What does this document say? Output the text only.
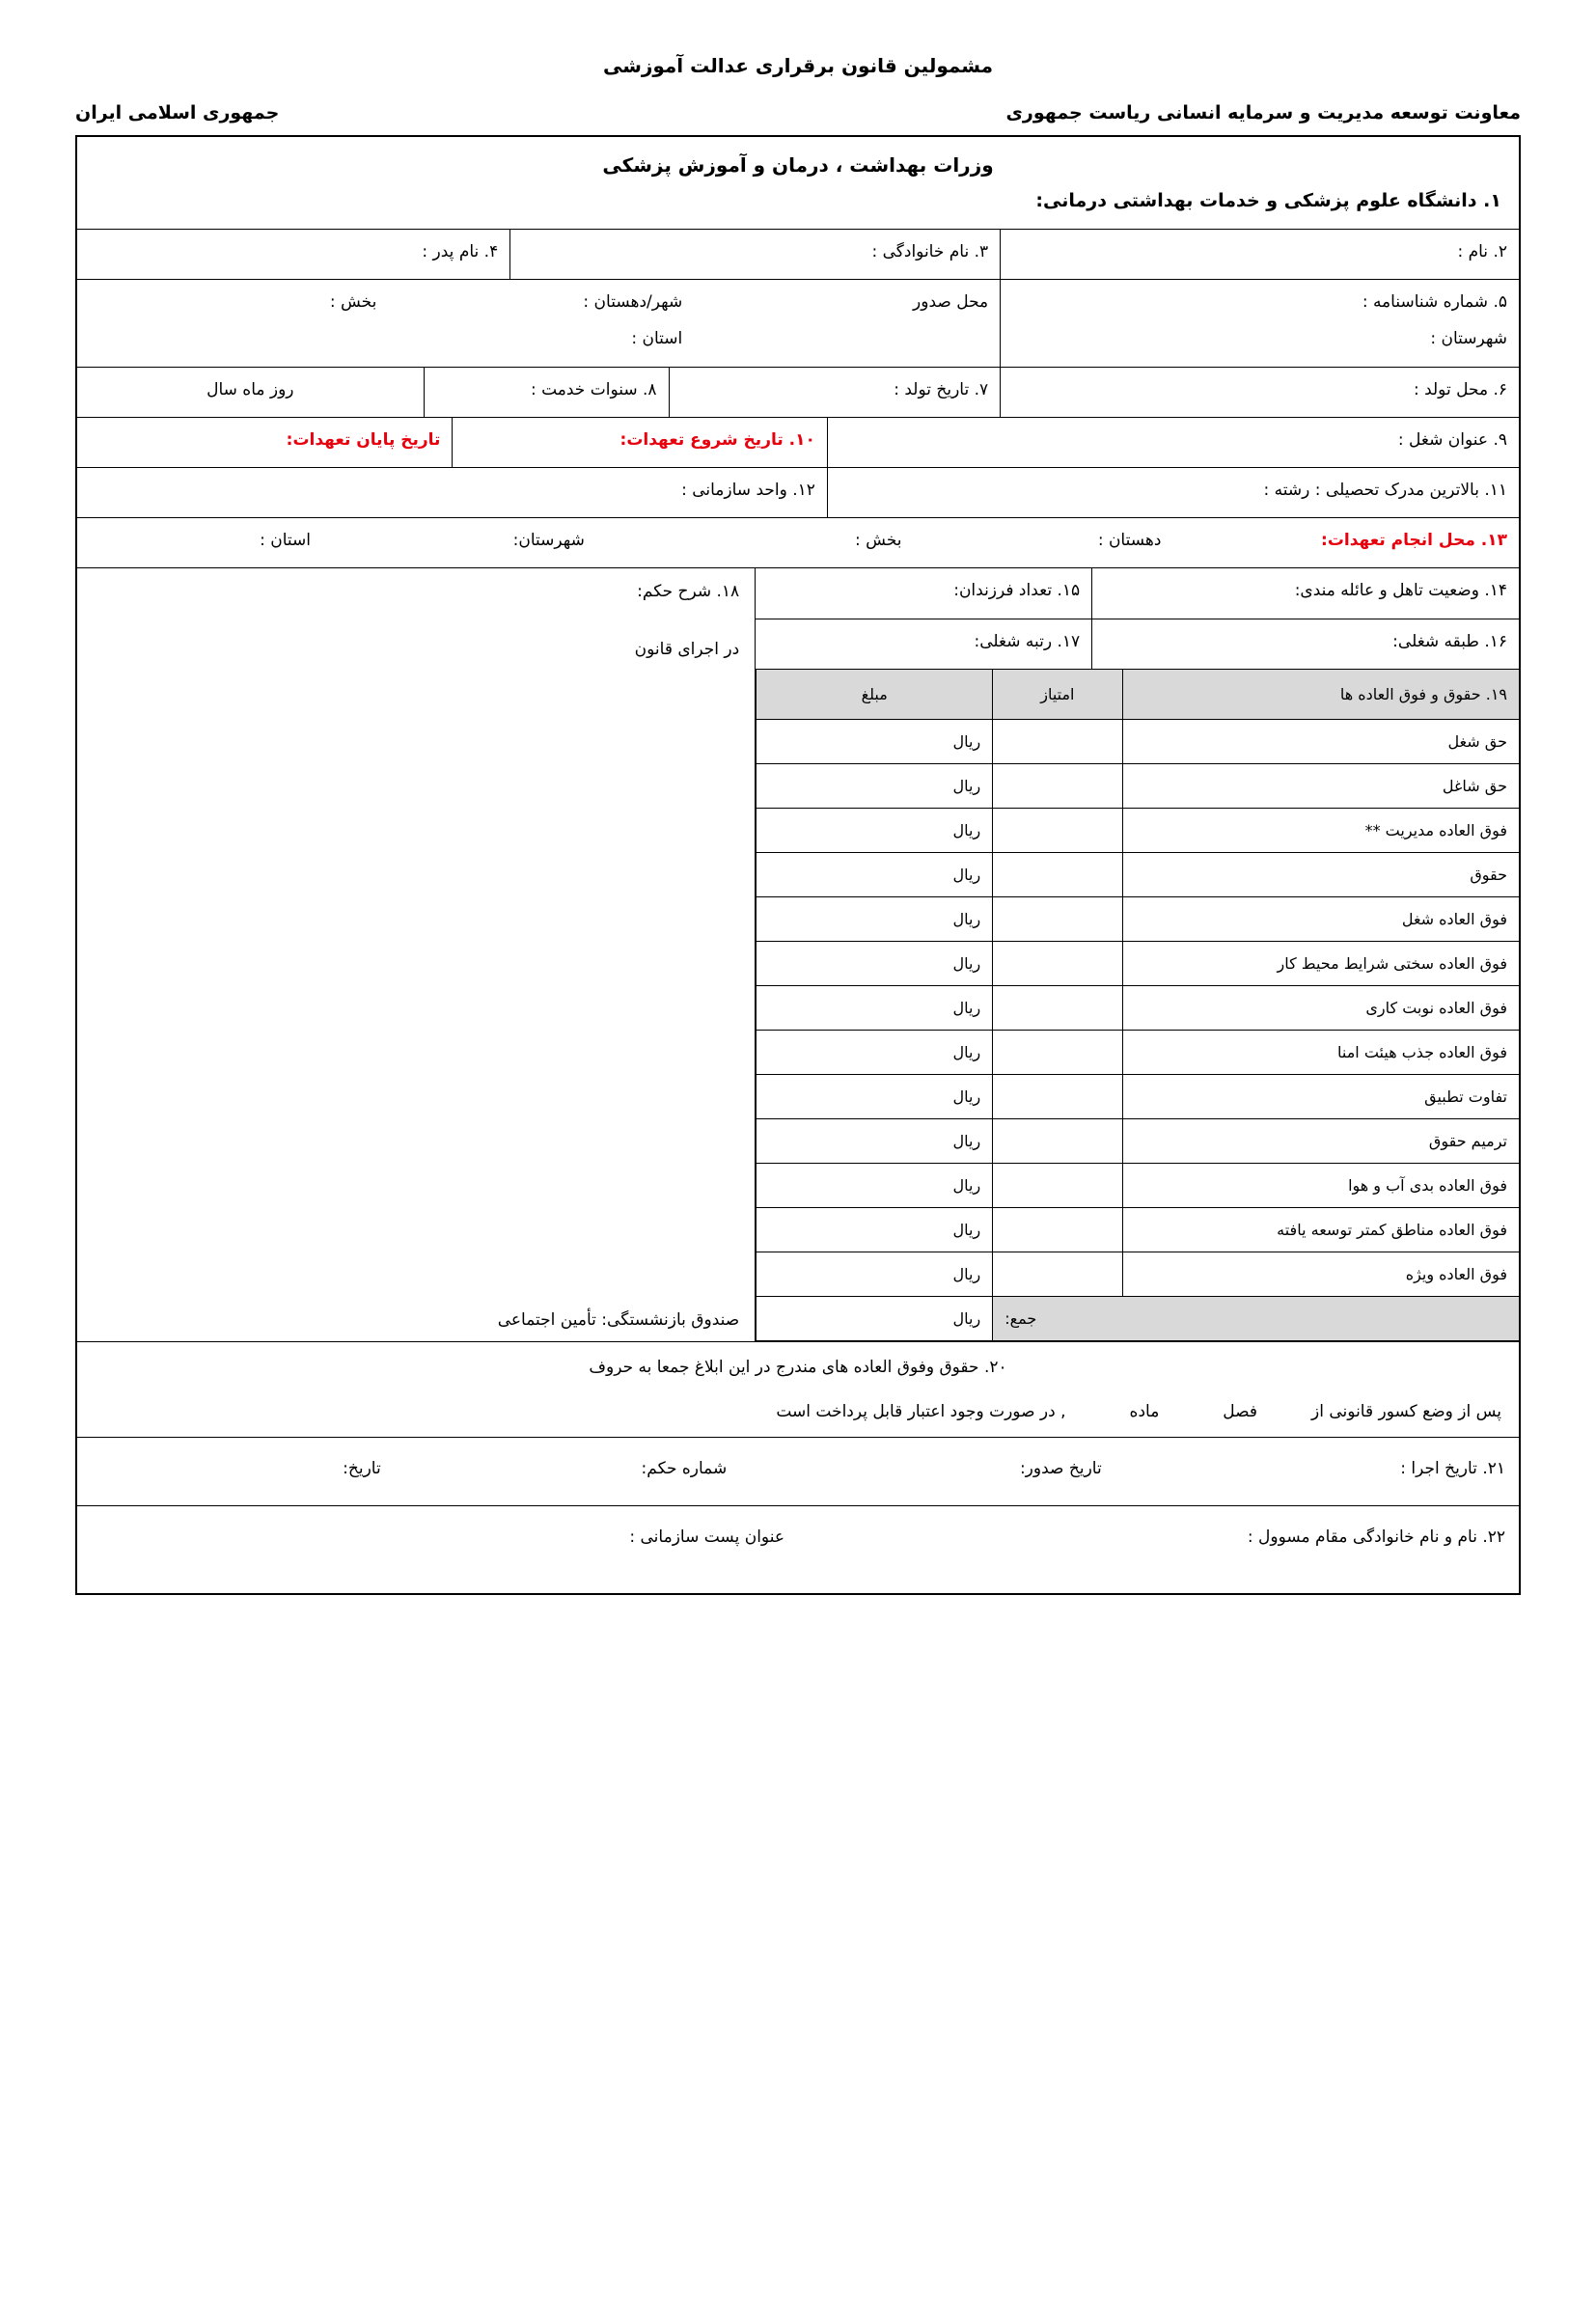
مشمولین قانون برقراری عدالت آموزشی
معاونت توسعه مدیریت و سرمایه انسانی ریاست جمهوری
جمهوری اسلامی ایران
وزرات بهداشت ، درمان و آموزش پزشکی
۱. دانشگاه علوم پزشکی و خدمات بهداشتی درمانی:
۲. نام :
۳. نام خانوادگی :
۴. نام پدر :
۵. شماره شناسنامه :
شهرستان :
محل صدور
شهر/دهستان :
بخش :
استان :
۶. محل تولد :
۷. تاریخ تولد :
۸. سنوات خدمت :
روز ماه سال
۹. عنوان شغل :
۱۰. تاریخ شروع تعهدات:
تاریخ پایان تعهدات:
۱۱. بالاترین مدرک تحصیلی : رشته :
۱۲. واحد سازمانی :
۱۳. محل انجام تعهدات:
دهستان :
بخش :
شهرستان:
استان :
۱۴. وضعیت تاهل و عائله مندی:
۱۵. تعداد فرزندان:
۱۶. طبقه شغلی:
۱۷. رتبه شغلی:
۱۹. حقوق و فوق العاده ها	امتیاز	مبلغ
حق شغل		ریال
حق شاغل		ریال
فوق العاده مدیریت **		ریال
حقوق		ریال
فوق العاده شغل		ریال
فوق العاده سختی شرایط محیط کار		ریال
فوق العاده نوبت کاری		ریال
فوق العاده جذب هیئت امنا		ریال
تفاوت تطبیق		ریال
ترمیم حقوق		ریال
فوق العاده بدی آب و هوا		ریال
فوق العاده مناطق کمتر توسعه یافته		ریال
فوق العاده ویژه		ریال
جمع:		ریال
۱۸. شرح حکم:
در اجرای قانون
صندوق بازنشستگی: تأمین اجتماعی
۲۰. حقوق وفوق العاده های مندرج در این ابلاغ جمعا به حروف
پس از وضع کسور قانونی از
فصل
ماده
, در صورت وجود اعتبار قابل پرداخت است
۲۱. تاریخ اجرا :
تاریخ صدور:
شماره حکم:
تاریخ:
۲۲. نام و نام خانوادگی مقام مسوول :
عنوان پست سازمانی :
